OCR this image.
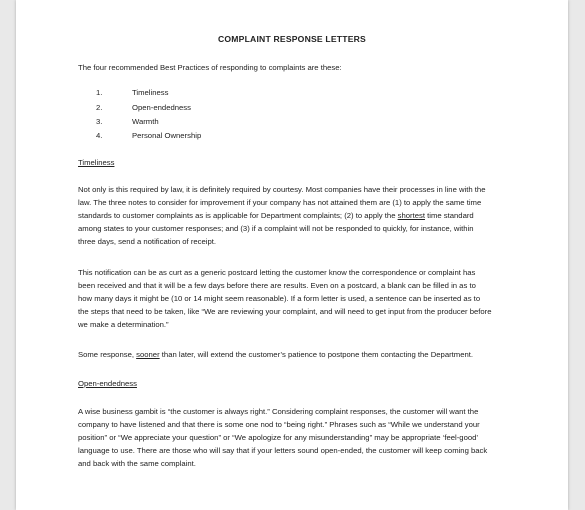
COMPLAINT RESPONSE LETTERS
The four recommended Best Practices of responding to complaints are these:
1.	Timeliness
2.	Open-endedness
3.	Warmth
4.	Personal Ownership
Timeliness
Not only is this required by law, it is definitely required by courtesy. Most companies have their processes in line with the
law. The three notes to consider for improvement if your company has not attained them are (1) to apply the same time
standards to customer complaints as is applicable for Department complaints; (2) to apply the shortest time standard
among states to your customer responses; and (3) if a complaint will not be responded to quickly, for instance, within
three days, send a notification of receipt.
This notification can be as curt as a generic postcard letting the customer know the correspondence or complaint has
been received and that it will be a few days before there are results. Even on a postcard, a blank can be filled in as to
how many days it might be (10 or 14 might seem reasonable). If a form letter is used, a sentence can be inserted as to
the steps that need to be taken, like “We are reviewing your complaint, and will need to get input from the producer before
we make a determination.”
Some response, sooner than later, will extend the customer’s patience to postpone them contacting the Department.
Open-endedness
A wise business gambit is “the customer is always right.” Considering complaint responses, the customer will want the
company to have listened and that there is some one nod to “being right.” Phrases such as “While we understand your
position” or “We appreciate your question” or “We apologize for any misunderstanding” may be appropriate ‘feel-good’
language to use. There are those who will say that if your letters sound open-ended, the customer will keep coming back
and back with the same complaint.
